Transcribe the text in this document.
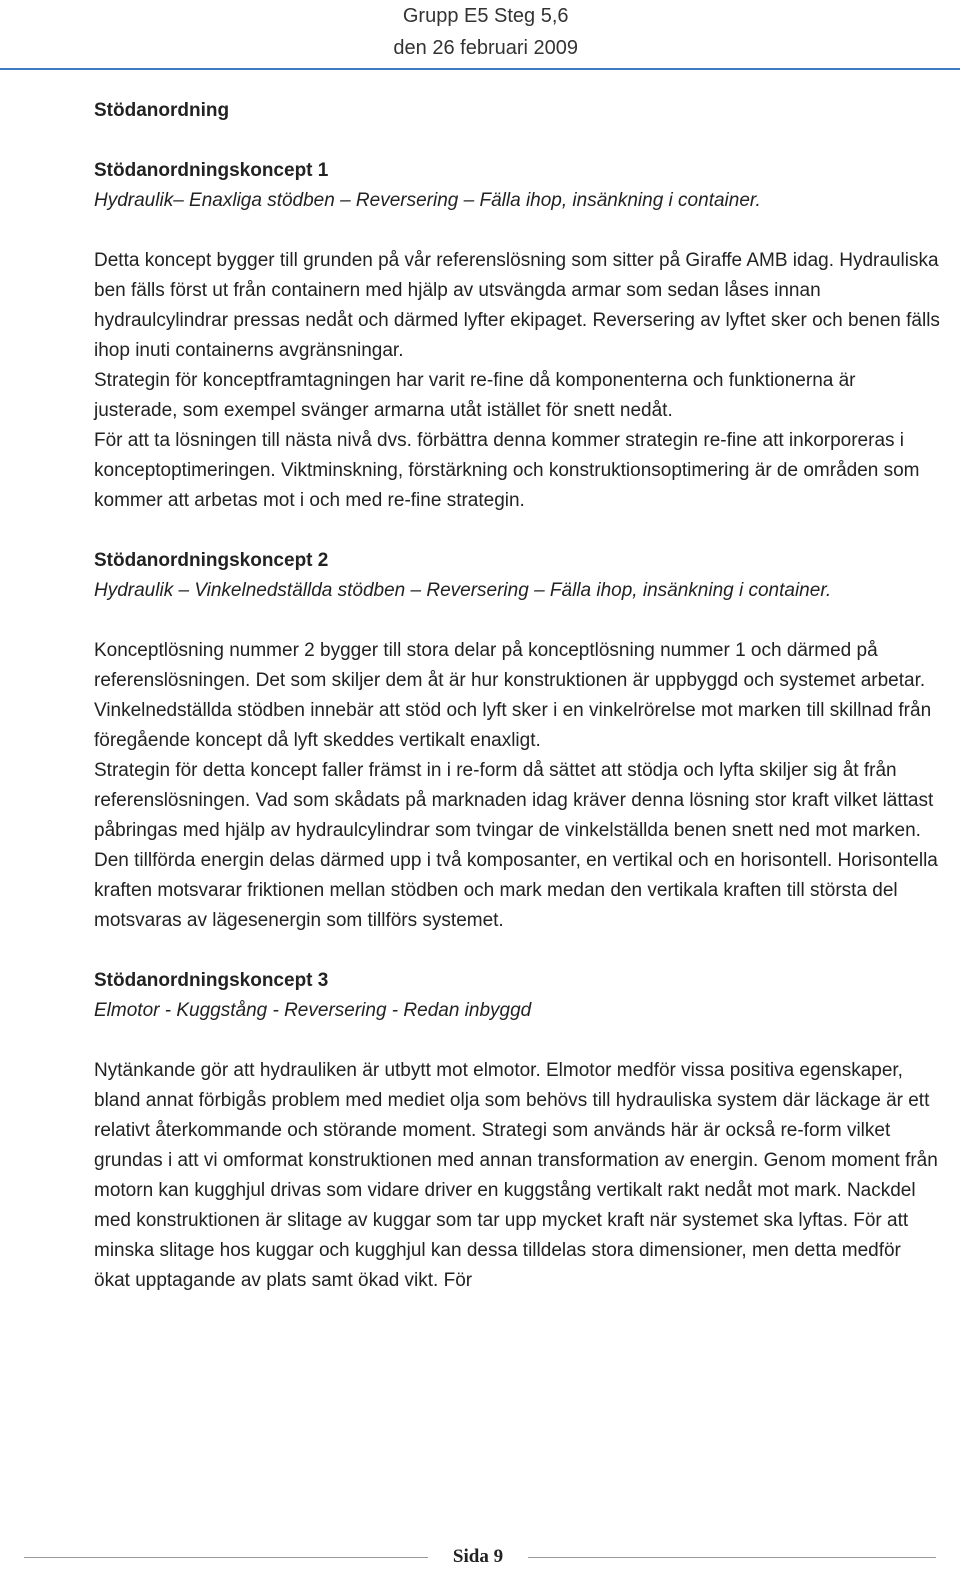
Grupp E5 Steg 5,6
den 26 februari 2009

Stödanordning

Stödanordningskoncept 1

Hydraulik– Enaxliga stödben – Reversering – Fälla ihop, insänkning i container.

Detta koncept bygger till grunden på vår referenslösning som sitter på Giraffe AMB idag. Hydrauliska ben fälls först ut från containern med hjälp av utsvängda armar som sedan låses innan hydraulcylindrar pressas nedåt och därmed lyfter ekipaget. Reversering av lyftet sker och benen fälls ihop inuti containerns avgränsningar.

Strategin för konceptframtagningen har varit re-fine då komponenterna och funktionerna är justerade, som exempel svänger armarna utåt istället för snett nedåt.

För att ta lösningen till nästa nivå dvs. förbättra denna kommer strategin re-fine att inkorporeras i konceptoptimeringen. Viktminskning, förstärkning och konstruktionsoptimering är de områden som kommer att arbetas mot i och med re-fine strategin.

Stödanordningskoncept 2

Hydraulik – Vinkelnedställda stödben – Reversering – Fälla ihop, insänkning i container.

Konceptlösning nummer 2 bygger till stora delar på konceptlösning nummer 1 och därmed på referenslösningen. Det som skiljer dem åt är hur konstruktionen är uppbyggd och systemet arbetar. Vinkelnedställda stödben innebär att stöd och lyft sker i en vinkelrörelse mot marken till skillnad från föregående koncept då lyft skeddes vertikalt enaxligt.

Strategin för detta koncept faller främst in i re-form då sättet att stödja och lyfta skiljer sig åt från referenslösningen. Vad som skådats på marknaden idag kräver denna lösning stor kraft vilket lättast påbringas med hjälp av hydraulcylindrar som tvingar de vinkelställda benen snett ned mot marken. Den tillförda energin delas därmed upp i två komposanter, en vertikal och en horisontell. Horisontella kraften motsvarar friktionen mellan stödben och mark medan den vertikala kraften till största del motsvaras av lägesenergin som tillförs systemet.

Stödanordningskoncept 3

Elmotor - Kuggstång - Reversering - Redan inbyggd

Nytänkande gör att hydrauliken är utbytt mot elmotor. Elmotor medför vissa positiva egenskaper, bland annat förbigås problem med mediet olja som behövs till hydrauliska system där läckage är ett relativt återkommande och störande moment. Strategi som används här är också re-form vilket grundas i att vi omformat konstruktionen med annan transformation av energin. Genom moment från motorn kan kugghjul drivas som vidare driver en kuggstång vertikalt rakt nedåt mot mark. Nackdel med konstruktionen är slitage av kuggar som tar upp mycket kraft när systemet ska lyftas. För att minska slitage hos kuggar och kugghjul kan dessa tilldelas stora dimensioner, men detta medför ökat upptagande av plats samt ökad vikt. För

Sida 9
